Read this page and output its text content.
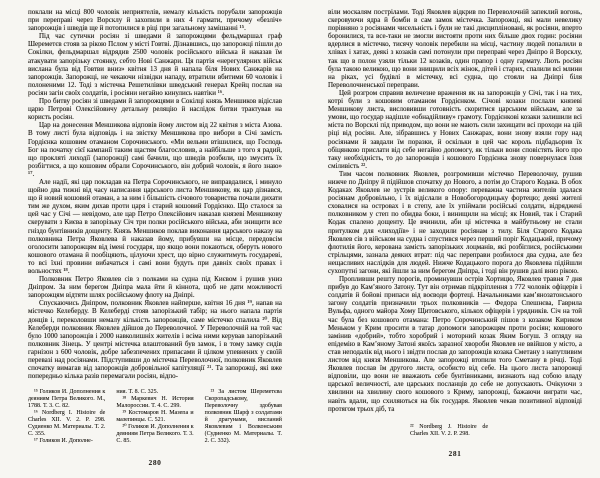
поклали на місці 800 чоловік неприятелів, немалу кількість порубали запорожців при переправі через Ворсклу й захопили в них 4 гармати, причому «безліч» запорожців і шведів ще й потопилися в ріці при загальному замішанні ¹⁵.

Під час сутички росіян зі шведами й запорожцями фельдмаршал граф Шереметєв стояв за рікою Пслом у місті Говтві. Дізнавшись, що запорожці пішли до Сокілки, фельдмаршал відрядив 2500 чоловік російського війська й наказав їм атакувати запорізьку стоянку, себто Нові Санжари. Ця партія «нерегулярних військ вислана була від Говтви вниз» квітня 13 дня й напала біля Нових Санжарів на запорожців. Запорожці, не чекаючи нізвідки нападу, втратили вбитими 60 чоловік і полоненими 12. Тоді з містечка Решетилівки шведський генерал Крейц послав на росіян загін своїх солдатів, і росіяни негайно кинулись навтіки ¹⁶.

Про битву росіян зі шведами й запорожцями в Сокілці князь Меншиков відіслав царю Петрові Олексійовичу детальну реляцію й наслідок битви трактував на користь росіян.

Цар на донесення Меншикова відповів йому листом від 22 квітня з міста Азова. В тому листі була відповідь і на звістку Меншикова про вибори в Січі замість Гордієнка кошовим отаманом Сорочинського. «Ми вельми втішилися, що Господь Бог на початку сієї кампанії таким щастям благословив, а найбільше з того я радий, що прокляті лиходії (запорожці) самі бачили, що шведів розбили, що змусить їх розбігтися, а що кошовим обрали Сорочинського, він добрий чоловік, я його знаю» ¹⁷.

Але надії, які цар покладав на Петра Сорочинського, не виправдалися, і минуло щойно два тижні від часу написання царського листа Меншикову, як цар дізнався, що й новий кошовий отаман, а за ним і більшість січового товариства почали дихати тим же духом, яким дихав проти царя і старий кошовий Гордієнко. Що сталося за цей час у Січі — невідомо, але цар Петро Олексійович наказав князеві Меншикову скерувати з Києва в запорізьку Січ три полки російського війська, аби знищити все гніздо бунтівників дощенту. Князь Меншиков поклав виконання царського наказу на полковника Петра Яковлева й наказав йому, прибувши на місце, передовсім оголосити запорожцям від імені государя, що якщо вони покаються, оберуть нового кошового отамана й пообіцяють, цілуючи хрест, що вірно служитимуть государеві, то всі їхні провини вибачаться і самі вони будуть при давніх своїх правах і вольностях ¹⁸.

Полковник Петро Яковлев сів з полками на судна під Києвом і рушив униз Дніпром. За ним берегом Дніпра мала йти й кіннота, щоб не дати можливості запорожцям відтяти шлях російському флоту на Дніпрі.

Спускаючись Дніпром, полковник Яковлев найперше, квітня 16 дня ¹⁹, напав на містечко Келеберду. В Келеберді стояв запорізький табір; на нього напала партія донців і, переколовши немалу кількість запорожців, саме містечко спалила ²⁰. Від Келеберди полковник Яковлев дійшов до Переволочної. У Переволочній на той час було 1000 запорожців і 2000 навколишніх жителів і всіма ними керував запорізький полковник Зінець. У центрі містечка влаштований був замок, і в тому замку сидів гарнізон з 600 чоловік, добре забезпечених припасами й цілком упевнених у своїй перевазі над росіянами. Підступивши до містечка Переволочної, полковник Яковлев спочатку вимагав від запорожців добровільної капітуляції ²¹. Та запорожці, які вже попередньо кілька разів перемагали росіян, відпо-

¹⁵ Голиков И. Дополнения к деяниям Петра Великого. М., 1788. Т. 3. С. 82.
¹⁶ Nordberg I. Histoire de Charles XII. V. 2. P. 298. Судиенко М. Материалы. Т. 2. С. 355.
¹⁷ Голиков И. Дополне-
ния. Т. 8. С. 325.
¹⁸ Маркевич Н. История Малороссии. Т. 4. С. 299.
¹⁹ Костомаров Н. Мазепа и мазепинцы. С. 521.
²⁰ Голиков И. Дополнения к деяниям Петра Великого. Т. 3. С. 85.
²¹ За листом Шереметєва Скоропадському, Переволочну здобував полковник Шарф з солдатами й драгунами, висланий Яковлевим і Волконським (Судиенко М. Материалы. Т. 2. С. 332).
280

віли москалям пострілами. Тоді Яковлев відкрив по Переволочній запеклий вогонь, скеровуючи ядра й бомби в сам замок містечка. Запорожці, які мали невелику порівняно з росіянами чисельність і були не такі дисципліновані, як росіяни, вперто боронилися, та все-таки не змогли вистояти проти них більше двох годин: росіяни вдерлися в містечко, тисячу чоловік перебили на місці, частину людей попалили в хлівах і хатах, деякі з козаків самі потонули при переправі через Дніпро й Ворсклу, так що в полон узяли тільки 12 козаків, один прапор і одну гармату. Лють росіян була такою великою, що вони знищили всіх жінок, дітей і старих, спалили всі млини на ріках, усі будівлі в містечку, всі судна, що стояли на Дніпрі біля Переволочненської переправи.

Цей розгром справив величезне враження як на запорожців у Січі, так і на тих, котрі були з кошовим отаманом Гордієнком. Січові козаки послали князеві Меншикову листа, висловивши готовність скоритися царським військам, але за умови, що государ надішле «обнадійливу» грамоту. Гордієнкові козаки залишили всі міста по Ворсклі під приводом, що вони не мають сили захищати всі проходи на цій ріці від росіян. Але, зібравшись у Нових Санжарах, вони знову взяли гору над росіянами й завдали їм поразки, й оскільки в цей час король підбадьорив їх обіцянкою прислати від себе негайно допомогу, як тільки вони сповістять його про таку необхідність, то до запорожців і кошового Гордієнка знову повернулася їхня сміливість ²².

Тим часом полковник Яковлев, розгромивши містечко Переволочну, рушив нижче по Дніпру й підійшов спочатку до Нового, а потім до Старого Кодака. В обох Кодаках Яковлев не зустрів великого опору: переважна частина жителів здалася росіянам добровільно, і їх відіслали в Новобогородицьку фортецю; деякі жителі сховалися на островах і в степу, але їх упіймали російські солдати, відряджені полковником у степ по обидва боки, і винищили на місці; як Новий, так і Старий Кодак спалено дощенту. Це вчинили, аби ці містечка в майбутньому не стали притулком для «лиходіїв» і не заходили росіянам з тилу. Біля Старого Кодака Яковлев сів з військом на судна і спустився через перший поріг Кодацький, причому флотилія його, керована замість запорізьких лоцманів, які розбіглися, російськими стрільцями, зазнала деяких втрат: під час переправи розбилося два судна, але без нещасливих наслідків для людей. Нижче Кодацького порога до Яковлева підійшли сухопутні загони, які йшли за ним берегом Дніпра, і тоді він рушив далі вниз рікою.

Пропливши решту порогів, проминувши острів Хортицю, Яковлев травня 7 дня прибув до Кам’яного Затону. Тут він отримав підкріплення з 772 чоловік офіцерів і солдатів й бойові припаси від воєводи фортеці. Начальниками кам’янозатонського загону солдатів призначили трьох полковників — Федора Спешнєва, Гаврила Вульфа, одного майора Хому Щитовського, кількох офіцерів і урядників. Січ на той час була без кошового отамана: Петро Сорочинський пішов з козаком Кириком Меньком у Крим просити в татар допомоги запорожцям проти росіян; кошового замінив «добрий», тобто хоробрий і моторний козак Яким Богуш. З огляду на епідемію в Кам’яному Затоні якоїсь заразної хвороби Яковлев не ввійшов у місто, а став неподалік від нього і звідти послав до запорожців козака Сметану з напутливим листом від князя Меншикова. Але запорожці втопили того Сметану в річці. Тоді Яковлев послав їм другого листа, особисто від себе. На цього листа запорожці відповіли, що вони не вважають себе бунтівниками, визнають над собою владу царської величності, але царських посланців до себе не допускають. Очікуючи з хвилини на хвилину свого кошового з Криму, запорожці, бажаючи виграти час, навіть вдали, що схиляються на бік государя. Яковлев чекав позитивної відповіді протягом трьох діб, та

²² Nordberg J. Histoire de Charles XII. V. 2. P. 298.
281
